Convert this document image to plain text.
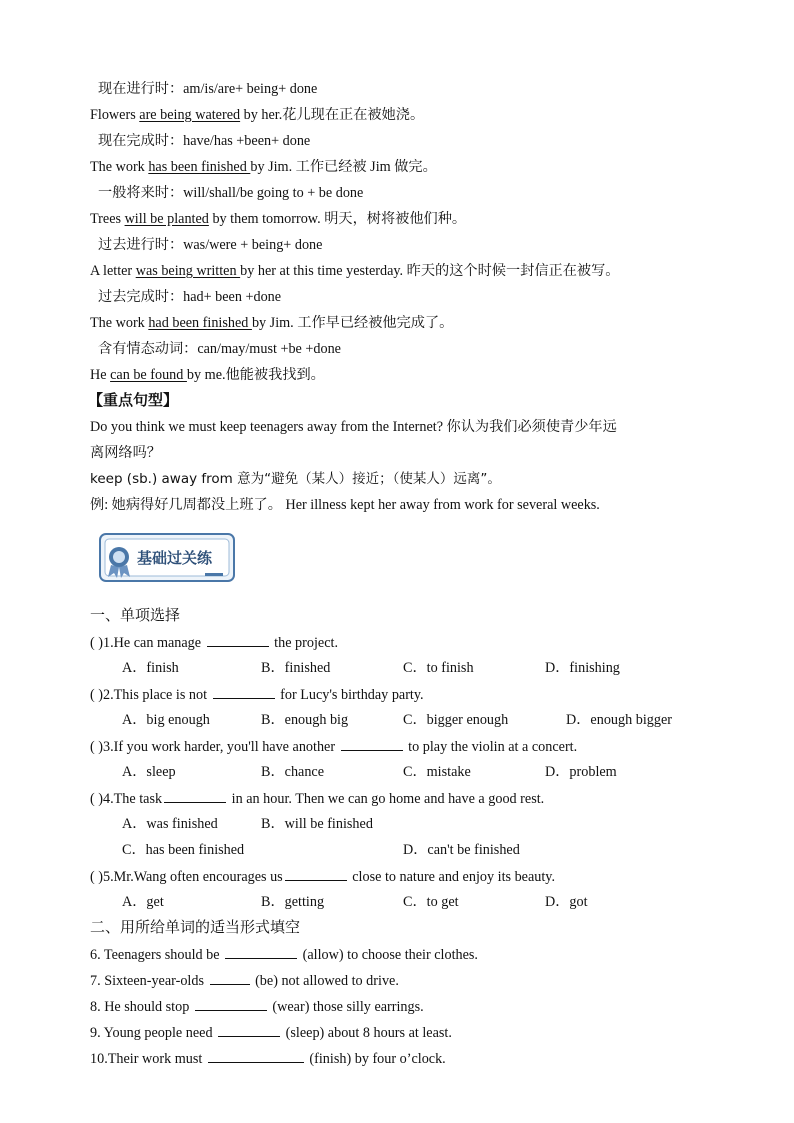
现在进行时：am/is/are+ being+ done
Flowers are being watered by her.花儿现在正在被她浇。
现在完成时：have/has +been+ done
The work has been finished by Jim. 工作已经被 Jim 做完。
一般将来时：will/shall/be going to + be done
Trees will be planted by them tomorrow. 明天，树将被他们种。
过去进行时：was/were + being+ done
A letter was being written by her at this time yesterday. 昨天的这个时候一封信正在被写。
过去完成时：had+ been +done
The work had been finished by Jim. 工作早已经被他完成了。
含有情态动词：can/may/must +be +done
He can be found by me.他能被我找到。
【重点句型】
Do you think we must keep teenagers away from the Internet? 你认为我们必须使青少年远
离网络吗？
keep (sb.) away from 意为“避免（某人）接近；（使某人）远离”。
例: 她病得好几周都没上班了。 Her illness kept her away from work for several weeks.
基础过关练
一、单项选择
( )1.He can manage	the project.
A．finish	B．finished	C．to finish	D．finishing
( )2.This place is not	for Lucy's birthday party.
A．big enough	B．enough big	C．bigger enough	D．enough bigger
( )3.If you work harder, you'll have another	to play the violin at a concert.
A．sleep	B．chance	C．mistake	D．problem
( )4.The task	in an hour. Then we can go home and have a good rest.
A．was finished	B．will be finished
C．has been finished	D．can't be finished
( )5.Mr.Wang often encourages us	close to nature and enjoy its beauty.
A．get	B．getting	C．to get	D．got
二、用所给单词的适当形式填空
6. Teenagers should be	(allow) to choose their clothes.
7. Sixteen-year-olds	(be) not allowed to drive.
8. He should stop	(wear) those silly earrings.
9. Young people need	(sleep) about 8 hours at least.
10.Their work must	(finish) by four o’clock.
